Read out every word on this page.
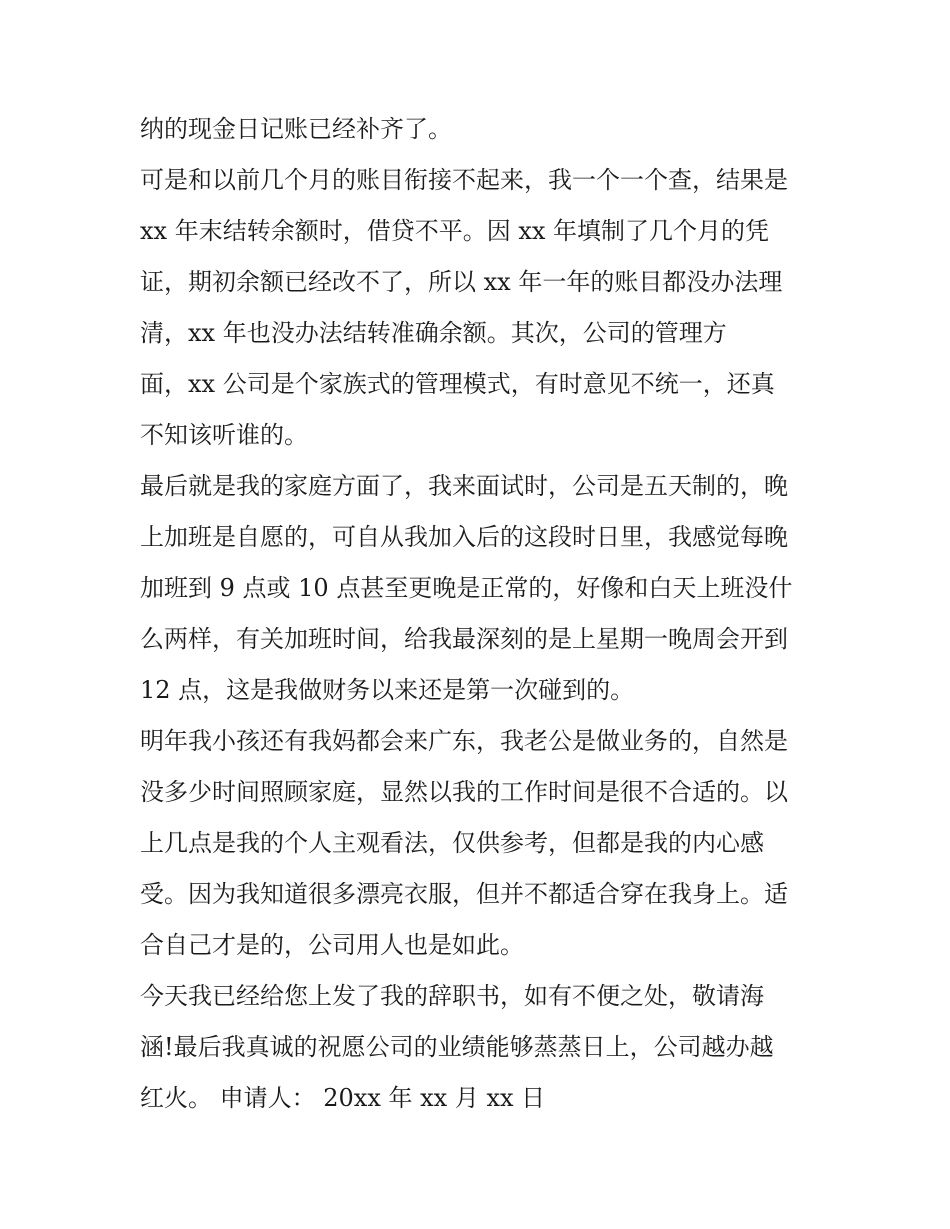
纳的现金日记账已经补齐了。
可是和以前几个月的账目衔接不起来，我一个一个查，结果是
xx 年末结转余额时，借贷不平。因 xx 年填制了几个月的凭
证，期初余额已经改不了，所以 xx 年一年的账目都没办法理
清，xx 年也没办法结转准确余额。其次，公司的管理方
面，xx 公司是个家族式的管理模式，有时意见不统一，还真
不知该听谁的。
最后就是我的家庭方面了，我来面试时，公司是五天制的，晚
上加班是自愿的，可自从我加入后的这段时日里，我感觉每晚
加班到 9 点或 10 点甚至更晚是正常的，好像和白天上班没什
么两样，有关加班时间，给我最深刻的是上星期一晚周会开到
12 点，这是我做财务以来还是第一次碰到的。
明年我小孩还有我妈都会来广东，我老公是做业务的，自然是
没多少时间照顾家庭，显然以我的工作时间是很不合适的。以
上几点是我的个人主观看法，仅供参考，但都是我的内心感
受。因为我知道很多漂亮衣服，但并不都适合穿在我身上。适
合自己才是的，公司用人也是如此。
今天我已经给您上发了我的辞职书，如有不便之处，敬请海
涵!最后我真诚的祝愿公司的业绩能够蒸蒸日上，公司越办越
红火。 申请人： 20xx 年 xx 月 xx 日
